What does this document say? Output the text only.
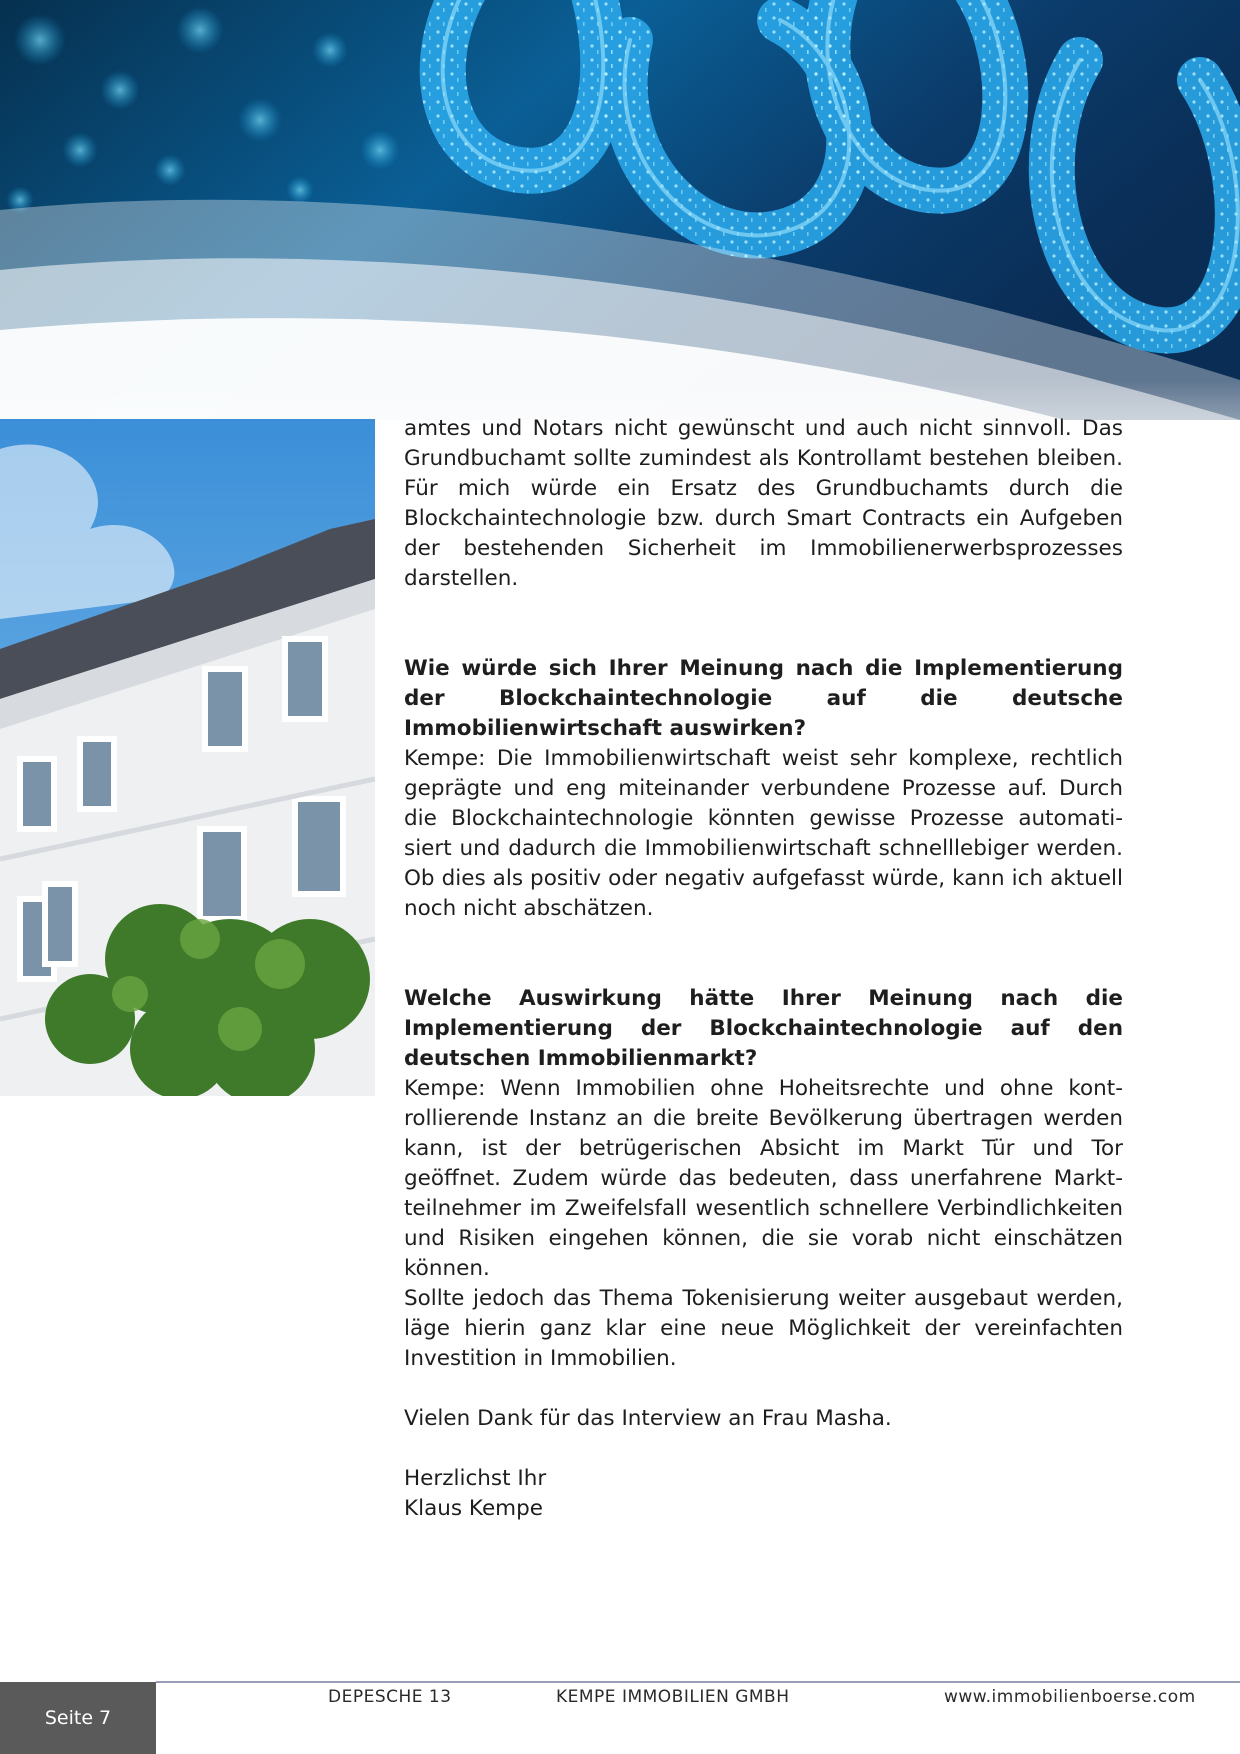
amtes und Notars nicht gewünscht und auch nicht sinnvoll. Das Grundbuchamt sollte zumindest als Kontrollamt bestehen bleiben. Für mich würde ein Ersatz des Grundbuchamts durch die Blockchaintechnologie bzw. durch Smart Contracts ein Aufgeben der bestehenden Sicherheit im Immobilienerwerbsprozesses darstellen.

Wie würde sich Ihrer Meinung nach die Implementierung der Blockchaintechnologie auf die deutsche Immobilienwirtschaft auswirken?

Kempe: Die Immobilienwirtschaft weist sehr komplexe, rechtlich geprägte und eng miteinander verbundene Prozesse auf. Durch die Blockchaintechnologie könnten gewisse Prozesse automatisiert und dadurch die Immobilienwirtschaft schnelllebiger werden. Ob dies als positiv oder negativ aufgefasst würde, kann ich aktuell noch nicht abschätzen.

Welche Auswirkung hätte Ihrer Meinung nach die Implementierung der Blockchaintechnologie auf den deutschen Immobilienmarkt?

Kempe: Wenn Immobilien ohne Hoheitsrechte und ohne kontrollierende Instanz an die breite Bevölkerung übertragen werden kann, ist der betrügerischen Absicht im Markt Tür und Tor geöffnet. Zudem würde das bedeuten, dass unerfahrene Marktteilnehmer im Zweifelsfall wesentlich schnellere Verbindlichkeiten und Risiken eingehen können, die sie vorab nicht einschätzen können.

Sollte jedoch das Thema Tokenisierung weiter ausgebaut werden, läge hierin ganz klar eine neue Möglichkeit der vereinfachten Investition in Immobilien.

Vielen Dank für das Interview an Frau Masha.

Herzlichst Ihr

Klaus Kempe

Seite 7
DEPESCHE 13	KEMPE IMMOBILIEN GMBH	www.immobilienboerse.com
